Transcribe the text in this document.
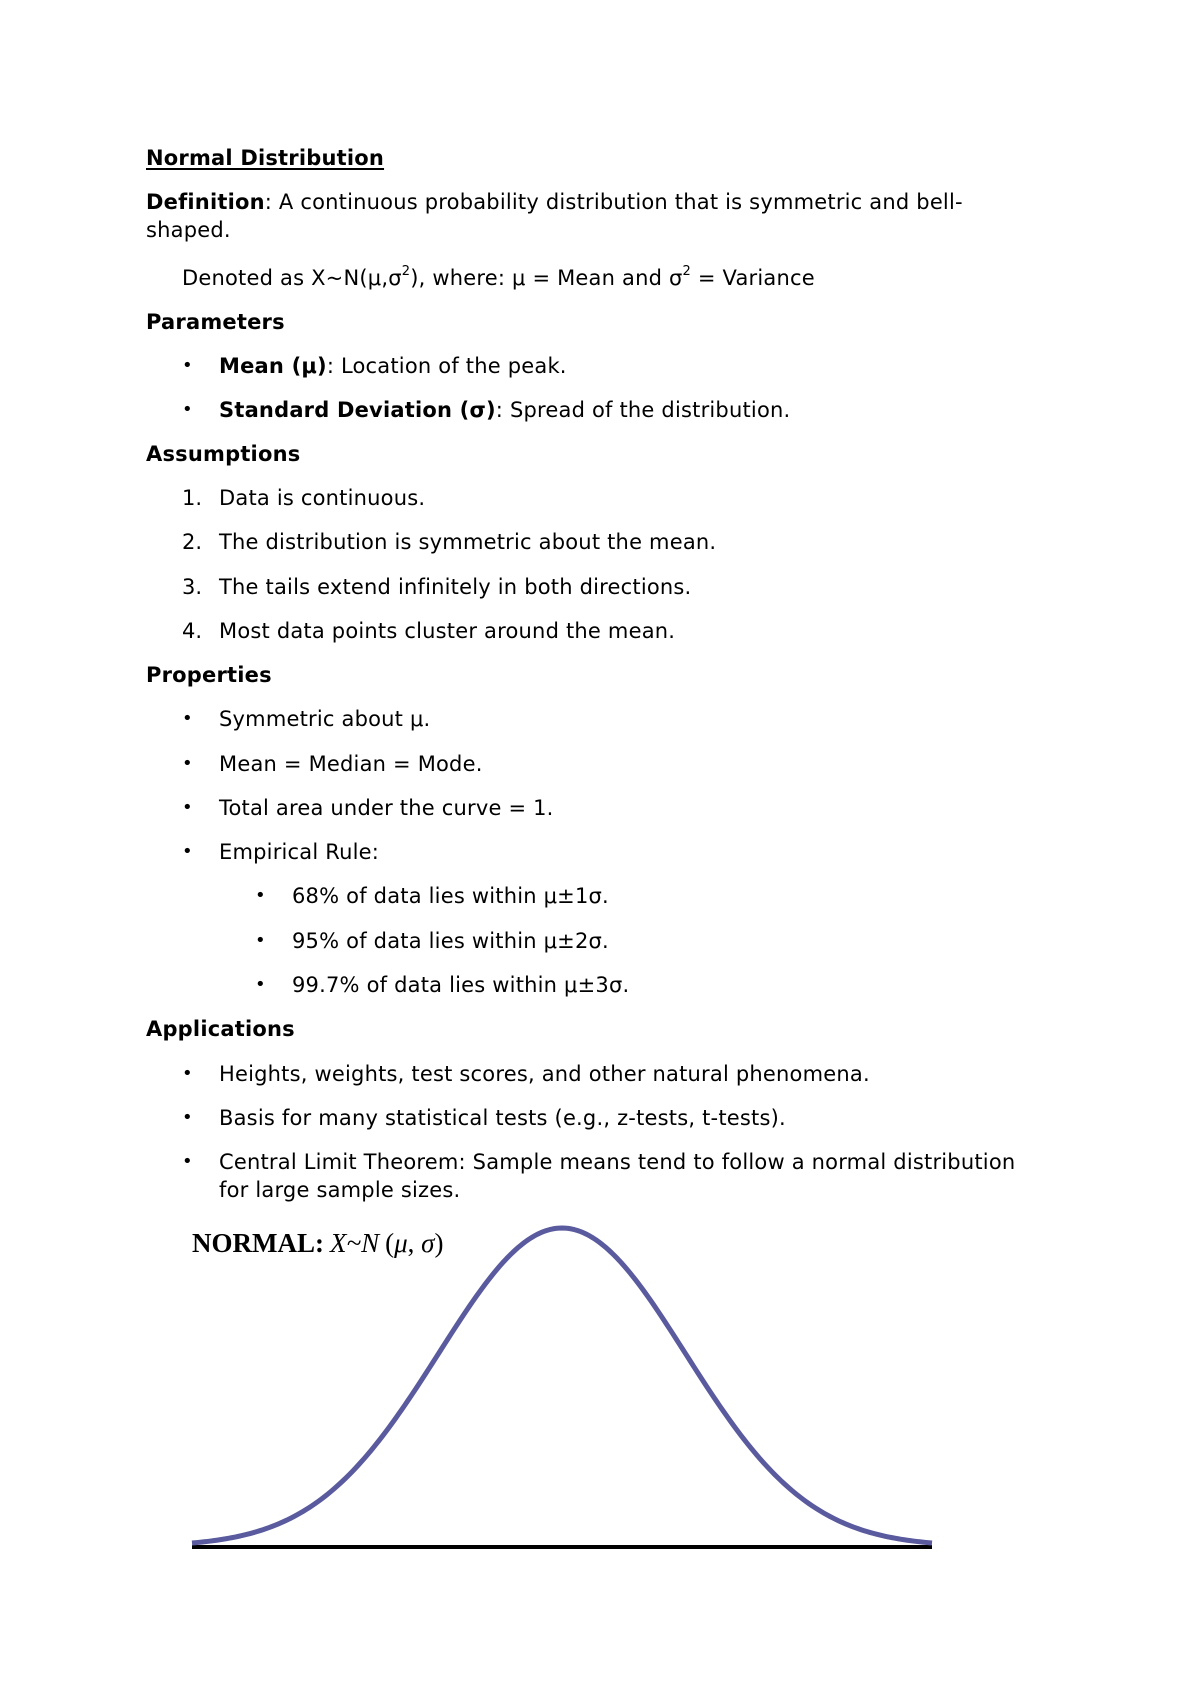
Normal Distribution
Definition: A continuous probability distribution that is symmetric and bell-
shaped.
Denoted as $X\sim N(\mu,\sigma^2)$, where: μ = Mean and $\sigma^2$ = Variance
Parameters
• Mean (μ): Location of the peak.
• Standard Deviation (σ): Spread of the distribution.
Assumptions
1. Data is continuous.
2. The distribution is symmetric about the mean.
3. The tails extend infinitely in both directions.
4. Most data points cluster around the mean.
Properties
• Symmetric about μ.
• Mean = Median = Mode.
• Total area under the curve = 1.
• Empirical Rule:
• 68% of data lies within μ±1σ.
• 95% of data lies within μ±2σ.
• 99.7% of data lies within μ±3σ.
Applications
• Heights, weights, test scores, and other natural phenomena.
• Basis for many statistical tests (e.g., z-tests, t-tests).
• Central Limit Theorem: Sample means tend to follow a normal distribution
for large sample sizes.
NORMAL: X~N (μ, σ)
